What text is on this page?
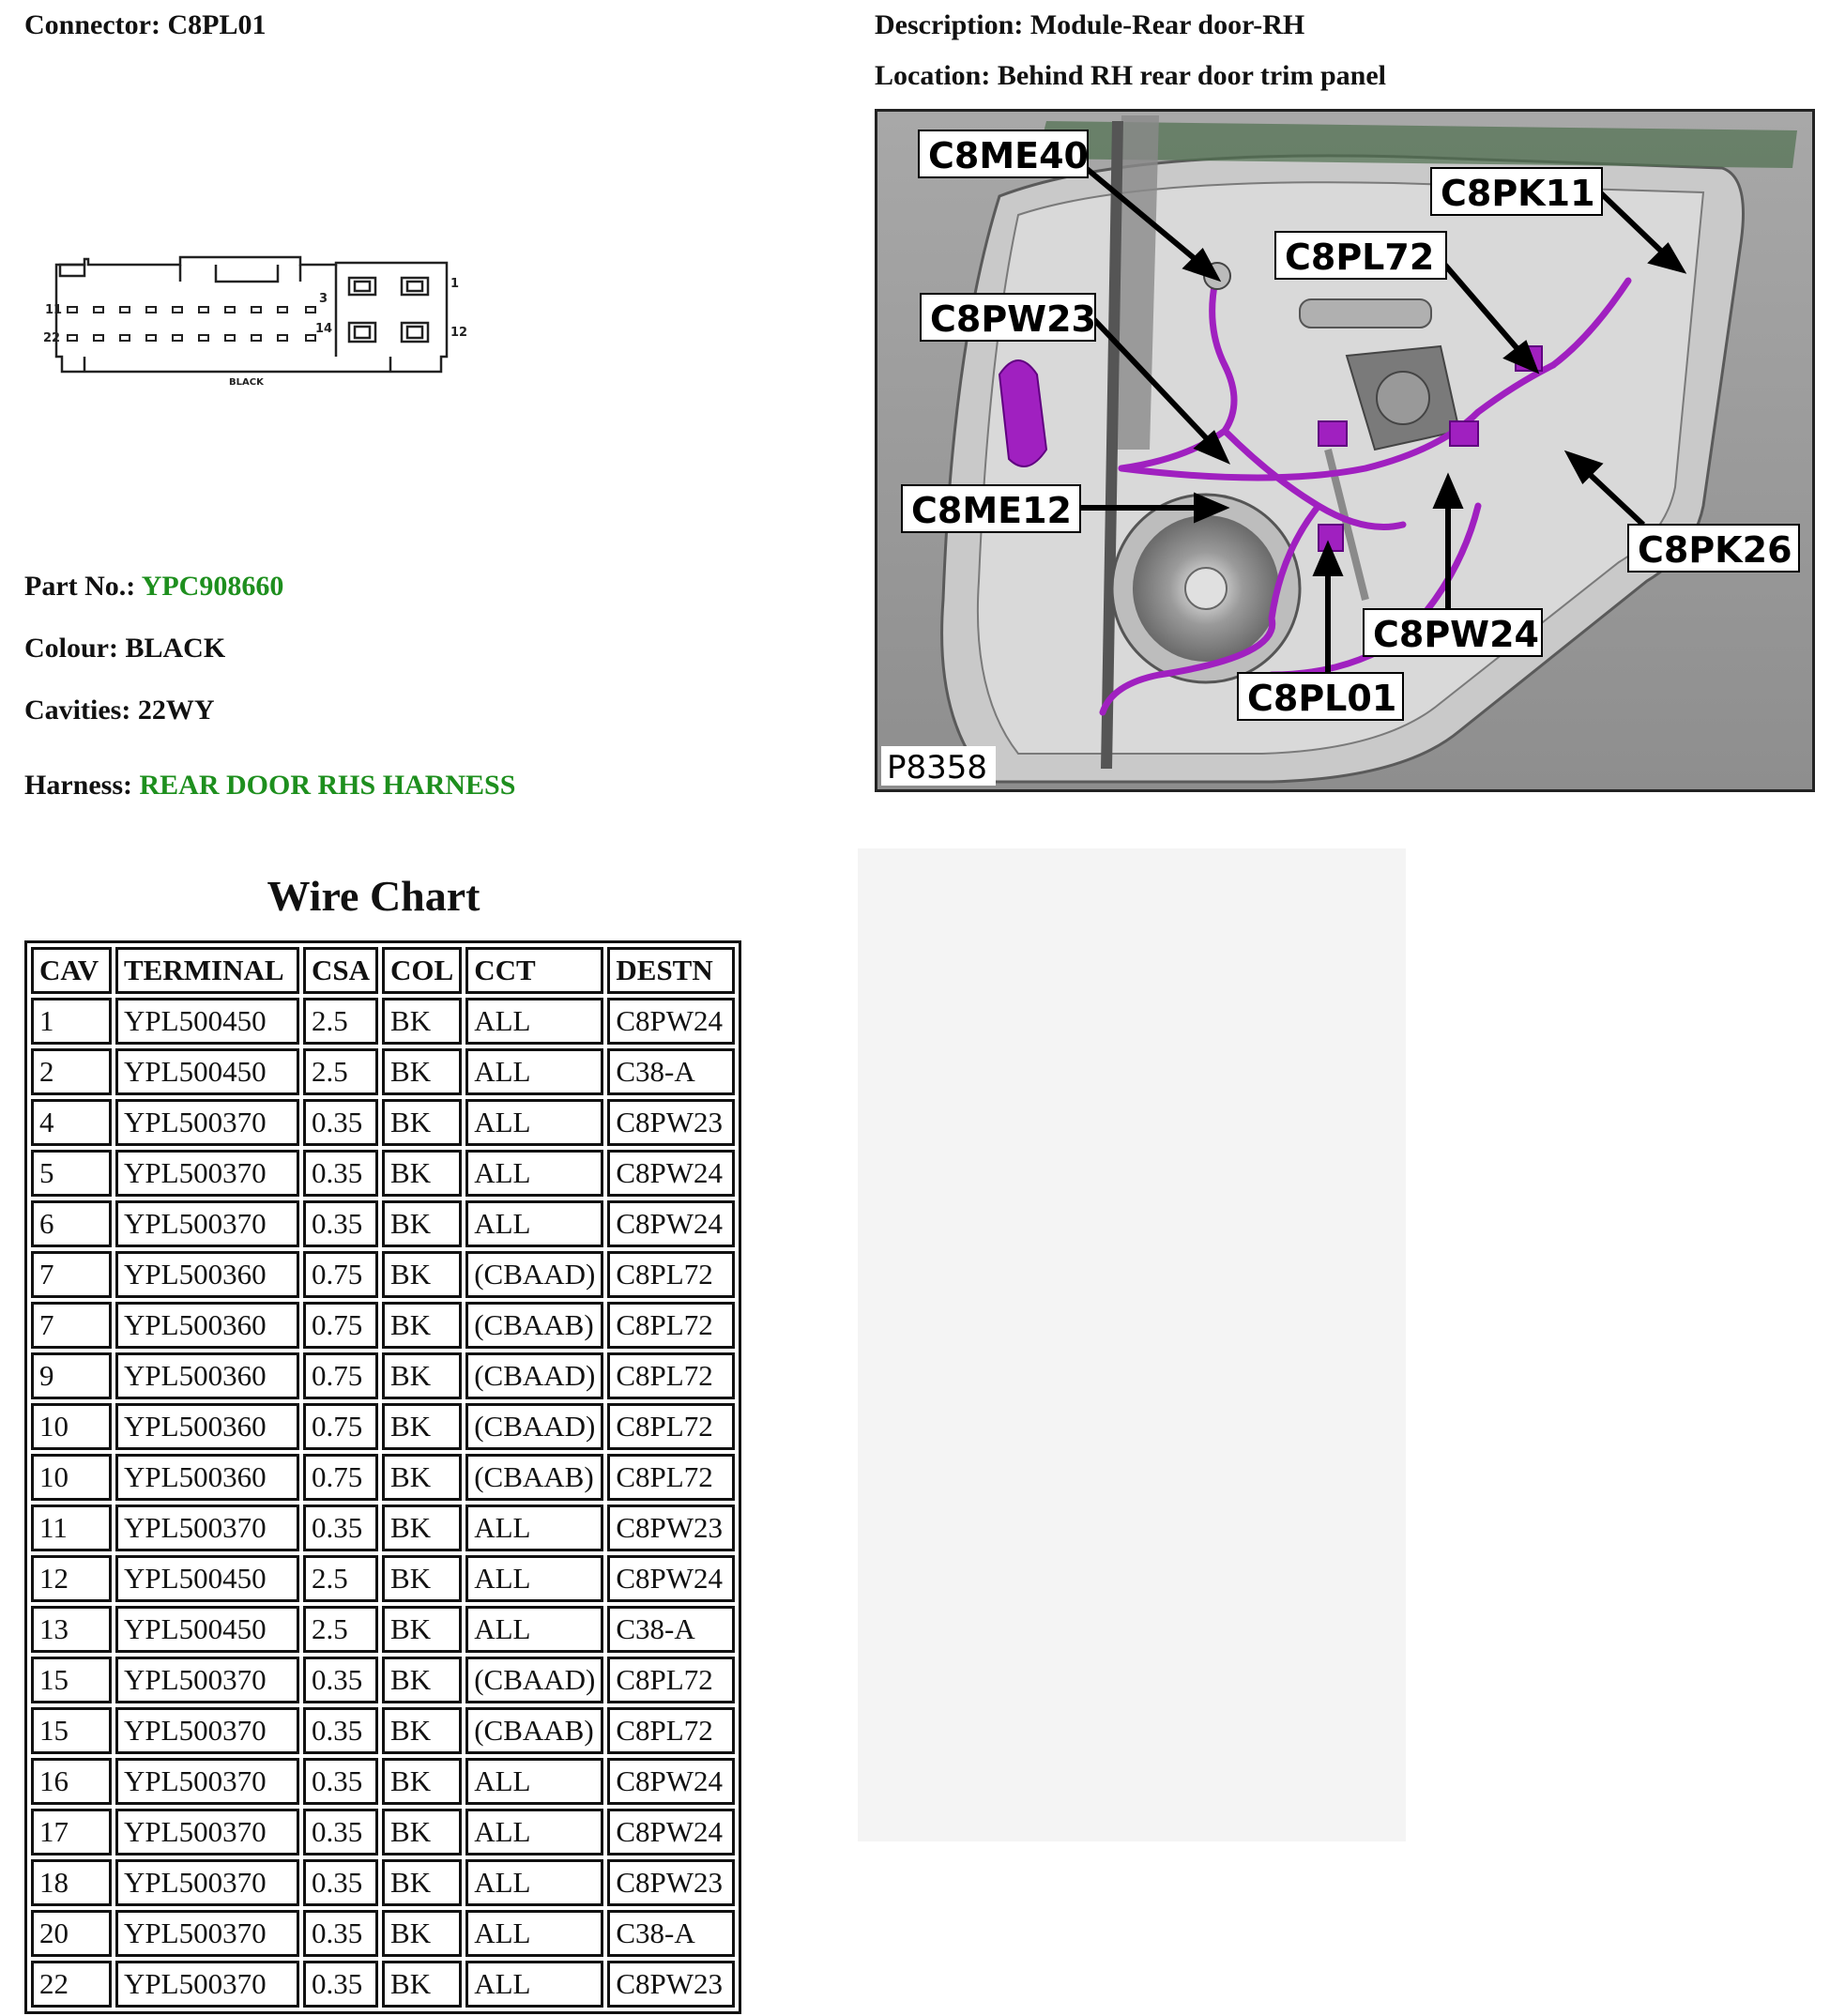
Connector: C8PL01	Description: Module-Rear door-RH
Location: Behind RH rear door trim panel
11
22
1
12
3
14
BLACK
Part No.: YPC908660
Colour: BLACK
Cavities: 22WY
Harness: REAR DOOR RHS HARNESS
C8ME40
C8PK11
C8PL72
C8PW23
C8ME12
C8PK26
C8PW24
C8PL01
P8358
Wire Chart
CAV	TERMINAL	CSA	COL	CCT	DESTN
1	YPL500450	2.5	BK	ALL	C8PW24
2	YPL500450	2.5	BK	ALL	C38-A
4	YPL500370	0.35	BK	ALL	C8PW23
5	YPL500370	0.35	BK	ALL	C8PW24
6	YPL500370	0.35	BK	ALL	C8PW24
7	YPL500360	0.75	BK	(CBAAD)	C8PL72
7	YPL500360	0.75	BK	(CBAAB)	C8PL72
9	YPL500360	0.75	BK	(CBAAD)	C8PL72
10	YPL500360	0.75	BK	(CBAAD)	C8PL72
10	YPL500360	0.75	BK	(CBAAB)	C8PL72
11	YPL500370	0.35	BK	ALL	C8PW23
12	YPL500450	2.5	BK	ALL	C8PW24
13	YPL500450	2.5	BK	ALL	C38-A
15	YPL500370	0.35	BK	(CBAAD)	C8PL72
15	YPL500370	0.35	BK	(CBAAB)	C8PL72
16	YPL500370	0.35	BK	ALL	C8PW24
17	YPL500370	0.35	BK	ALL	C8PW24
18	YPL500370	0.35	BK	ALL	C8PW23
20	YPL500370	0.35	BK	ALL	C38-A
22	YPL500370	0.35	BK	ALL	C8PW23
